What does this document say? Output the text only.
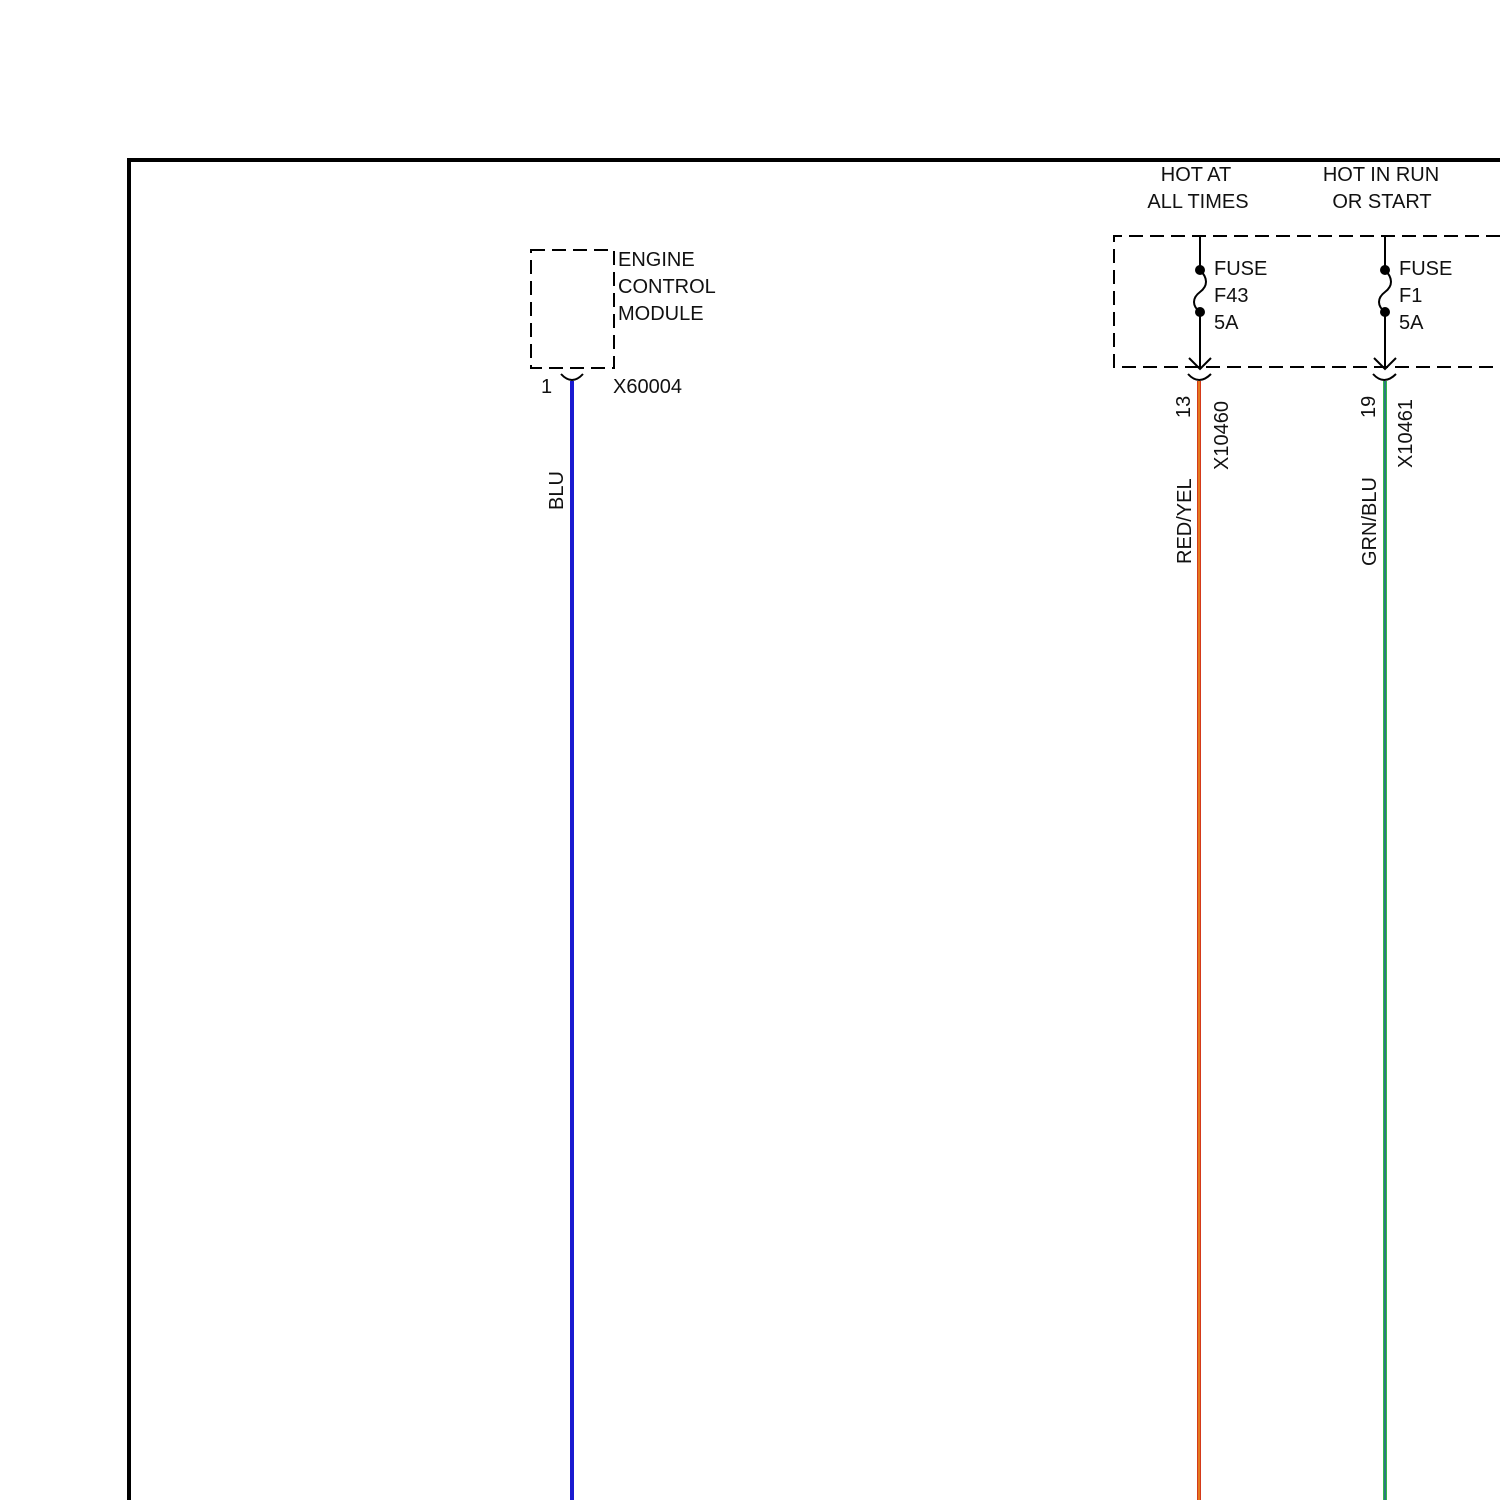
ENGINE
CONTROL
MODULE
1	X60004
BLU
HOT AT
ALL TIMES
FUSE
F43
5A
13 X10460
RED/YEL
HOT IN RUN
OR START
FUSE
F1
5A
19 X10461
GRN/BLU
